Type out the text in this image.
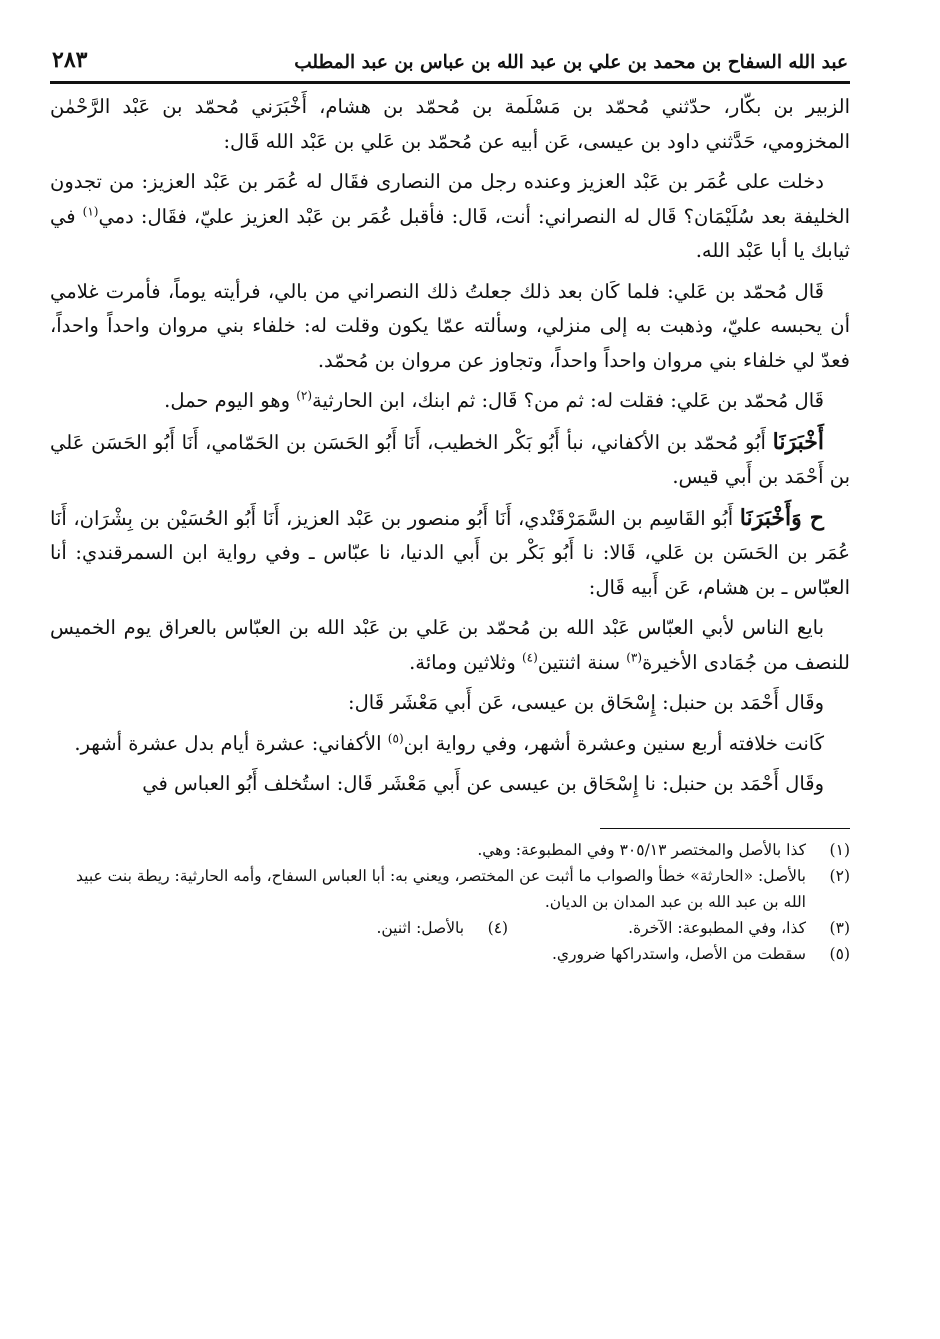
عبد الله السفاح بن محمد بن علي بن عبد الله بن عباس بن عبد المطلب
٢٨٣

الزبير بن بكّار، حدّثني مُحمّد بن مَسْلَمة بن مُحمّد بن هشام، أَخْبَرَني مُحمّد بن عَبْد الرَّحْمٰن المخزومي، حَدَّثني داود بن عيسى، عَن أبيه عن مُحمّد بن عَلي بن عَبْد الله قَال:

دخلت على عُمَر بن عَبْد العزيز وعنده رجل من النصارى فقَال له عُمَر بن عَبْد العزيز: من تجدون الخليفة بعد سُلَيْمَان؟ قَال له النصراني: أنت، قَال: فأقبل عُمَر بن عَبْد العزيز عليّ، فقَال: دمي$^{(١)}$ في ثيابك يا أبا عَبْد الله.

قَال مُحمّد بن عَلي: فلما كَان بعد ذلك جعلتُ ذلك النصراني من بالي، فرأيته يوماً، فأمرت غلامي أن يحبسه عليّ، وذهبت به إلى منزلي، وسألته عمّا يكون وقلت له: خلفاء بني مروان واحداً واحداً، فعدّ لي خلفاء بني مروان واحداً واحداً، وتجاوز عن مروان بن مُحمّد.

قَال مُحمّد بن عَلي: فقلت له: ثم من؟ قَال: ثم ابنك، ابن الحارثية$^{(٢)}$ وهو اليوم حمل.

أَخْبَرَنَا أَبُو مُحمّد بن الأكفاني، نبأ أَبُو بَكْر الخطيب، أَنَا أَبُو الحَسَن بن الحَمّامي، أَنَا أَبُو الحَسَن عَلي بن أَحْمَد بن أَبي قيس.

ح وَأَخْبَرَنَا أَبُو القَاسِم بن السَّمَرْقَنْدي، أَنَا أَبُو منصور بن عَبْد العزيز، أَنَا أَبُو الحُسَيْن بن بِشْرَان، أَنَا عُمَر بن الحَسَن بن عَلي، قَالا: نا أَبُو بَكْر بن أَبي الدنيا، نا عبّاس ـ وفي رواية ابن السمرقندي: أنا العبّاس ـ بن هشام، عَن أَبيه قَال:

بايع الناس لأبي العبّاس عَبْد الله بن مُحمّد بن عَلي بن عَبْد الله بن العبّاس بالعراق يوم الخميس للنصف من جُمَادى الأخيرة$^{(٣)}$ سنة اثنتين$^{(٤)}$ وثلاثين ومائة.

وقَال أَحْمَد بن حنبل: إِسْحَاق بن عيسى، عَن أَبي مَعْشَر قَال:

كَانت خلافته أربع سنين وعشرة أشهر، وفي رواية ابن$^{(٥)}$ الأكفاني: عشرة أيام بدل عشرة أشهر.

وقَال أَحْمَد بن حنبل: نا إِسْحَاق بن عيسى عن أَبي مَعْشَر قَال: استُخلف أَبُو العباس في

(١)
كذا بالأصل والمختصر ٣٠٥/١٣ وفي المطبوعة: وهي.
(٢)
بالأصل: «الحارثة» خطأ والصواب ما أثبت عن المختصر، ويعني به: أبا العباس السفاح، وأمه الحارثية: ريطة بنت عبيد الله بن عبد الله بن عبد المدان بن الديان.
(٣)
كذا، وفي المطبوعة: الآخرة.
(٤)
بالأصل: اثنين.
(٥)
سقطت من الأصل، واستدراكها ضروري.
